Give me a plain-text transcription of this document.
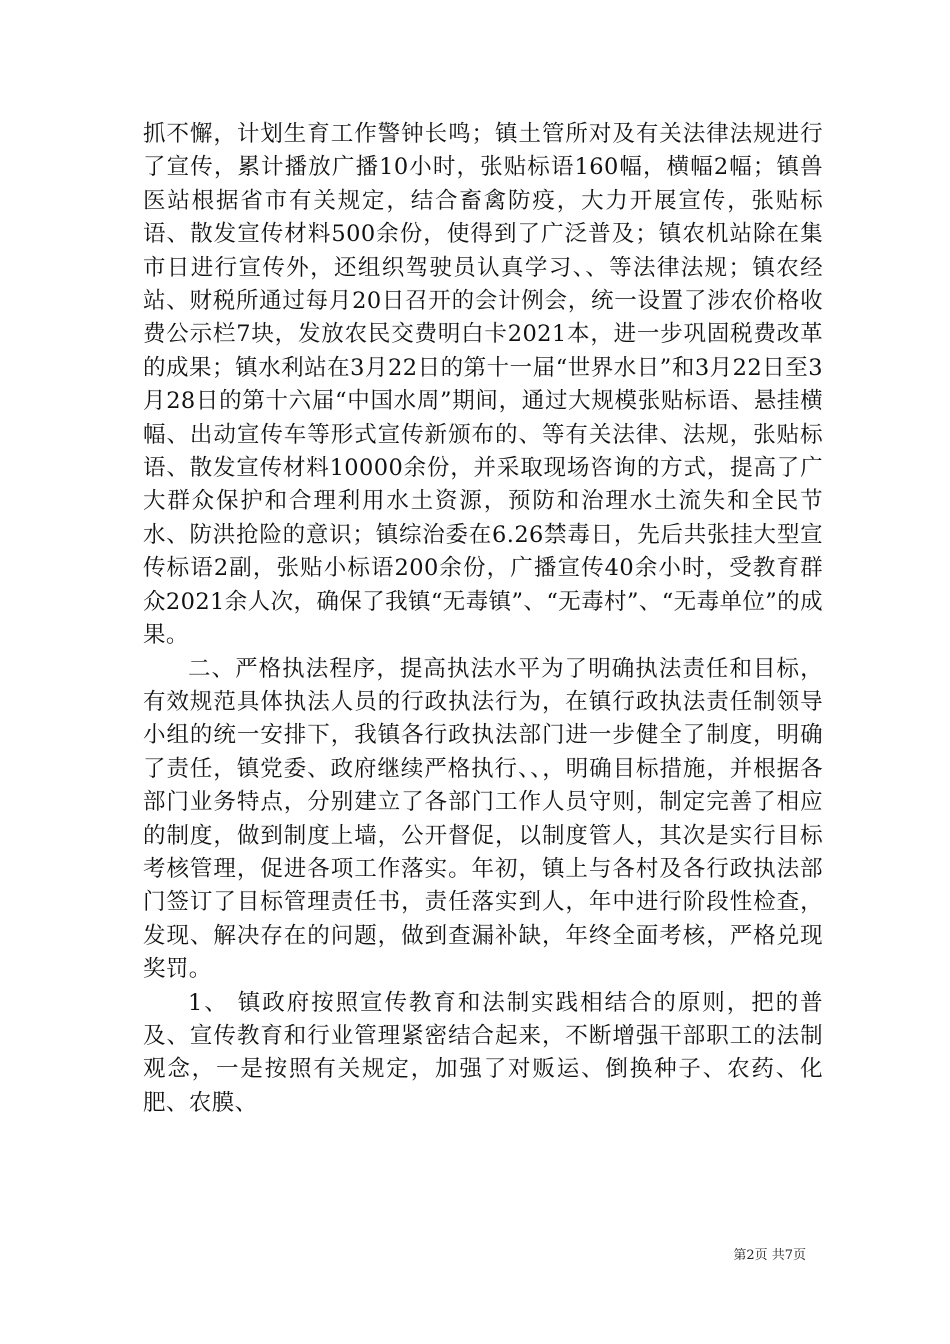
抓不懈，计划生育工作警钟长鸣；镇土管所对及有关法律法规进行了宣传，累计播放广播10小时，张贴标语160幅，横幅2幅；镇兽医站根据省市有关规定，结合畜禽防疫，大力开展宣传，张贴标语、散发宣传材料500余份，使得到了广泛普及；镇农机站除在集市日进行宣传外，还组织驾驶员认真学习、、等法律法规；镇农经站、财税所通过每月20日召开的会计例会，统一设置了涉农价格收费公示栏7块，发放农民交费明白卡2021本，进一步巩固税费改革的成果；镇水利站在3月22日的第十一届“世界水日”和3月22日至3月28日的第十六届“中国水周”期间，通过大规模张贴标语、悬挂横幅、出动宣传车等形式宣传新颁布的、等有关法律、法规，张贴标语、散发宣传材料10000余份，并采取现场咨询的方式，提高了广大群众保护和合理利用水土资源，预防和治理水土流失和全民节水、防洪抢险的意识；镇综治委在6.26禁毒日，先后共张挂大型宣传标语2副，张贴小标语200余份，广播宣传40余小时，受教育群众2021余人次，确保了我镇“无毒镇”、“无毒村”、“无毒单位”的成果。

二、严格执法程序，提高执法水平为了明确执法责任和目标，有效规范具体执法人员的行政执法行为，在镇行政执法责任制领导小组的统一安排下，我镇各行政执法部门进一步健全了制度，明确了责任，镇党委、政府继续严格执行、、，明确目标措施，并根据各部门业务特点，分别建立了各部门工作人员守则，制定完善了相应的制度，做到制度上墙，公开督促，以制度管人，其次是实行目标考核管理，促进各项工作落实。年初，镇上与各村及各行政执法部门签订了目标管理责任书，责任落实到人，年中进行阶段性检查，发现、解决存在的问题，做到查漏补缺，年终全面考核，严格兑现奖罚。

1、 镇政府按照宣传教育和法制实践相结合的原则，把的普及、宣传教育和行业管理紧密结合起来，不断增强干部职工的法制观念，一是按照有关规定，加强了对贩运、倒换种子、农药、化肥、农膜、

第2页 共7页
